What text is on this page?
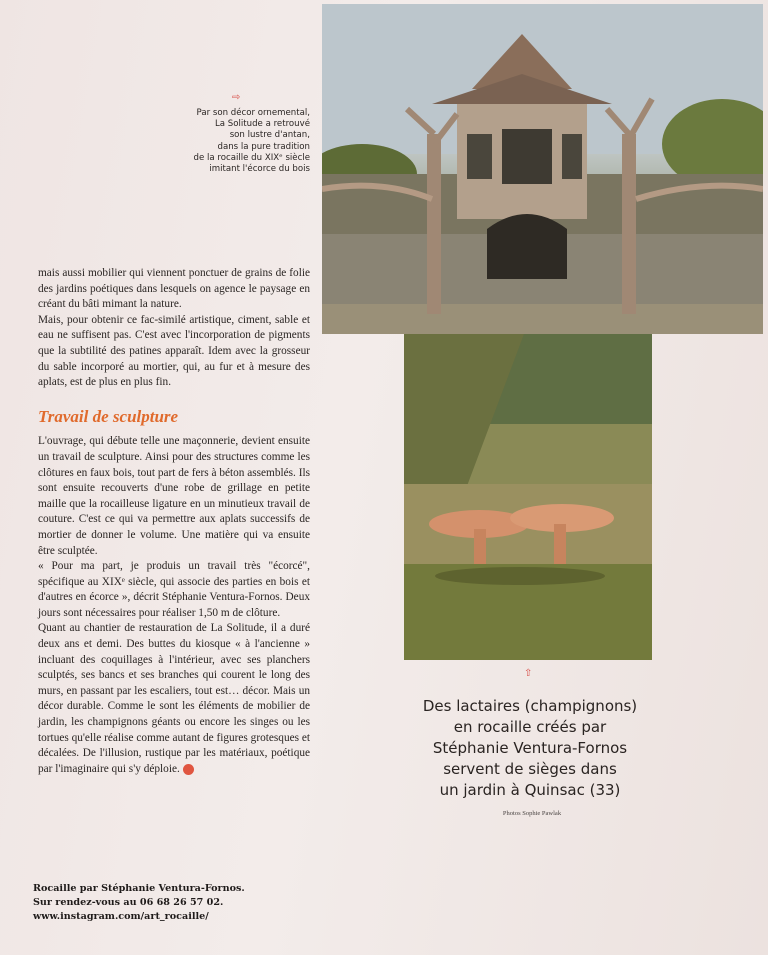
⇨
Par son décor ornemental,
La Solitude a retrouvé
son lustre d'antan,
dans la pure tradition
de la rocaille du XIXᵉ siècle
imitant l'écorce du bois

mais aussi mobilier qui viennent ponctuer de grains de folie des jardins poétiques dans lesquels on agence le paysage en créant du bâti mimant la nature.

Mais, pour obtenir ce fac-similé artistique, ciment, sable et eau ne suffisent pas. C'est avec l'incorporation de pigments que la subtilité des patines apparaît. Idem avec la grosseur du sable incorporé au mortier, qui, au fur et à mesure des aplats, est de plus en plus fin.

Travail de sculpture

L'ouvrage, qui débute telle une maçonnerie, devient ensuite un travail de sculpture. Ainsi pour des structures comme les clôtures en faux bois, tout part de fers à béton assemblés. Ils sont ensuite recouverts d'une robe de grillage en petite maille que la rocailleuse ligature en un minutieux travail de couture. C'est ce qui va permettre aux aplats successifs de mortier de donner le volume. Une matière qui va ensuite être sculptée.

« Pour ma part, je produis un travail très "écorcé", spécifique au XIXᵉ siècle, qui associe des parties en bois et d'autres en écorce », décrit Stéphanie Ventura-Fornos. Deux jours sont nécessaires pour réaliser 1,50 m de clôture.

Quant au chantier de restauration de La Solitude, il a duré deux ans et demi. Des buttes du kiosque « à l'ancienne » incluant des coquillages à l'intérieur, avec ses planchers sculptés, ses bancs et ses branches qui courent le long des murs, en passant par les escaliers, tout est… décor. Mais un décor durable. Comme le sont les éléments de mobilier de jardin, les champignons géants ou encore les singes ou les tortues qu'elle réalise comme autant de figures grotesques et décalées. De l'illusion, rustique par les matériaux, poétique par l'imaginaire qui s'y déploie.

⇧
Des lactaires (champignons)
en rocaille créés par
Stéphanie Ventura-Fornos
servent de sièges dans
un jardin à Quinsac (33)
Photos Sophie Pawlak
Rocaille par Stéphanie Ventura-Fornos.
Sur rendez-vous au 06 68 26 57 02.
www.instagram.com/art_rocaille/
